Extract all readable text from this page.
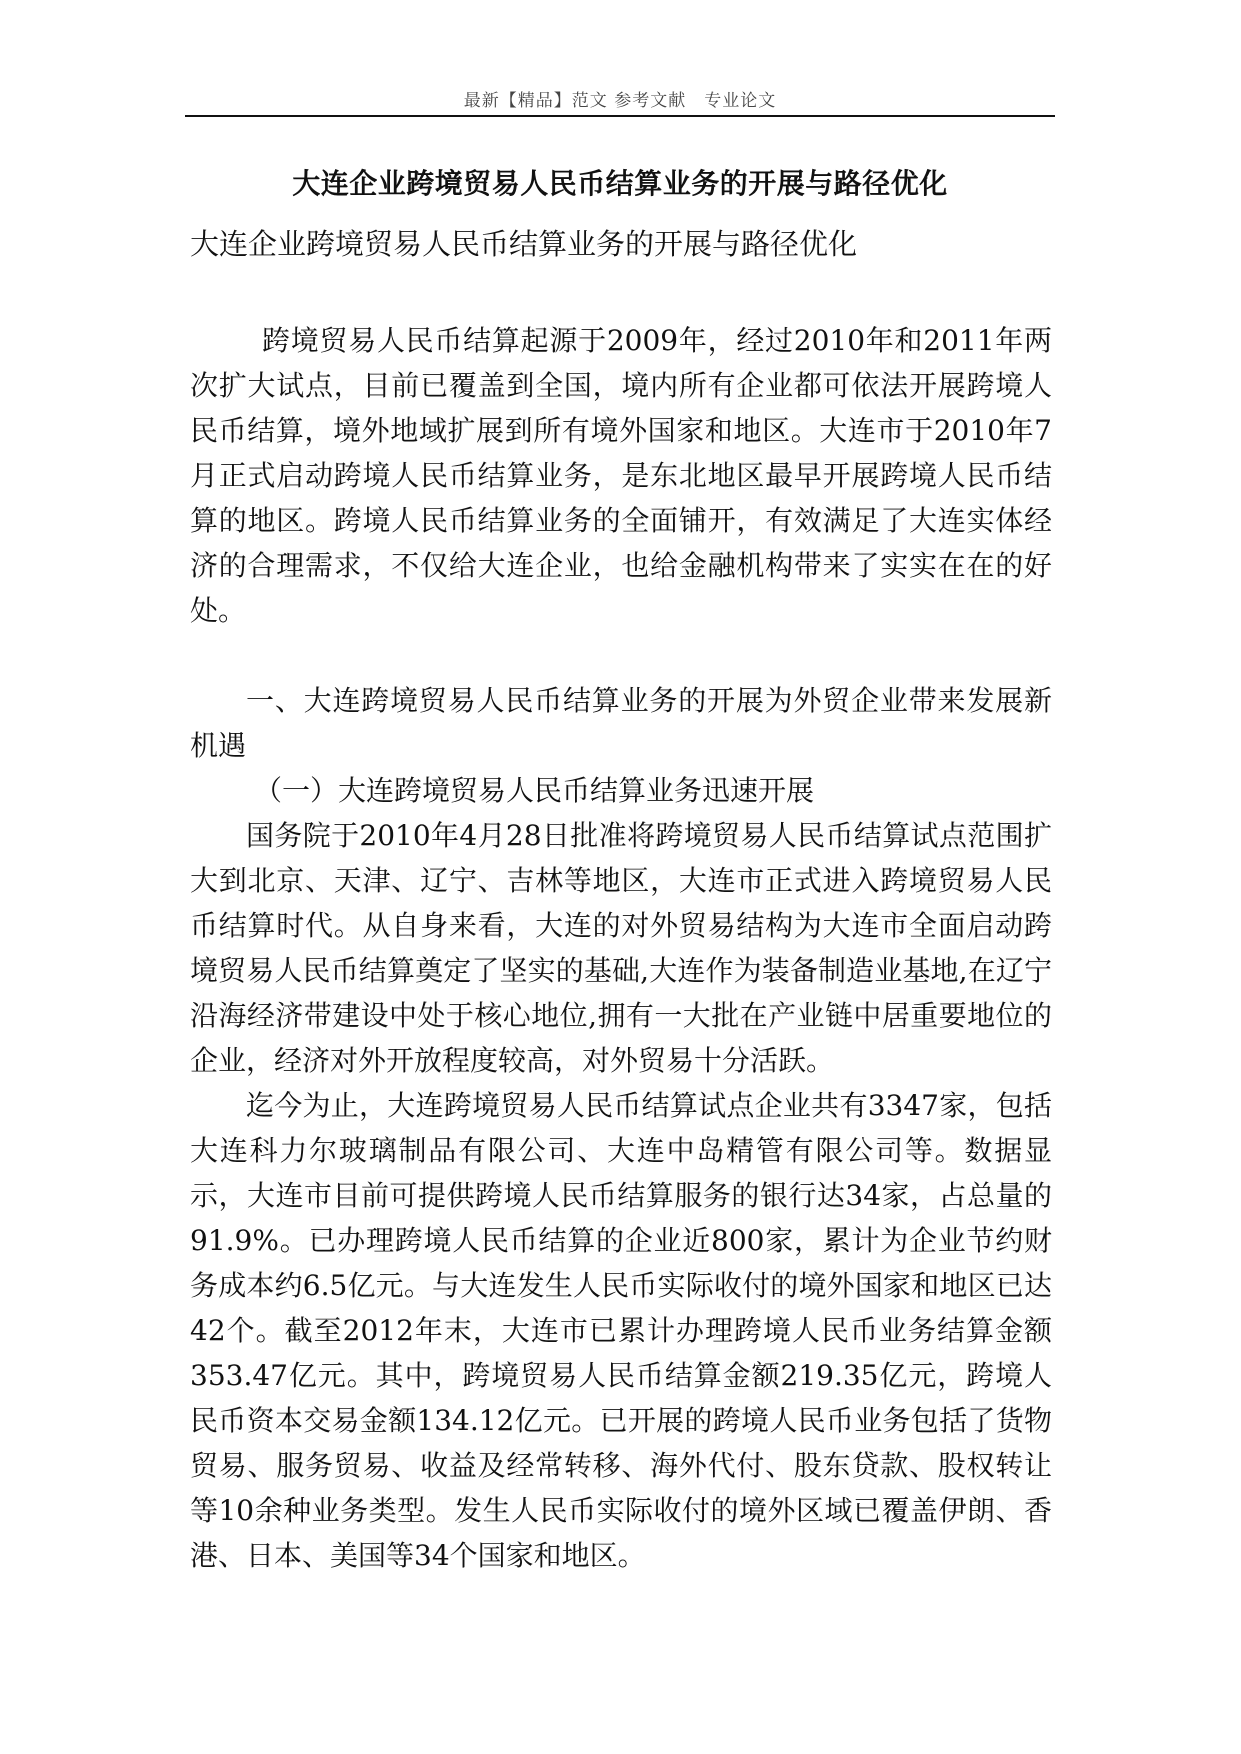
最新【精品】范文 参考文献　专业论文
大连企业跨境贸易人民币结算业务的开展与路径优化
大连企业跨境贸易人民币结算业务的开展与路径优化

跨境贸易人民币结算起源于2009年，经过2010年和2011年两次扩大试点，目前已覆盖到全国，境内所有企业都可依法开展跨境人民币结算，境外地域扩展到所有境外国家和地区。大连市于2010年7月正式启动跨境人民币结算业务，是东北地区最早开展跨境人民币结算的地区。跨境人民币结算业务的全面铺开，有效满足了大连实体经济的合理需求，不仅给大连企业，也给金融机构带来了实实在在的好处。

一、大连跨境贸易人民币结算业务的开展为外贸企业带来发展新机遇

（一）大连跨境贸易人民币结算业务迅速开展

国务院于2010年4月28日批准将跨境贸易人民币结算试点范围扩大到北京、天津、辽宁、吉林等地区，大连市正式进入跨境贸易人民币结算时代。从自身来看，大连的对外贸易结构为大连市全面启动跨境贸易人民币结算奠定了坚实的基础,大连作为装备制造业基地,在辽宁沿海经济带建设中处于核心地位,拥有一大批在产业链中居重要地位的企业，经济对外开放程度较高，对外贸易十分活跃。

迄今为止，大连跨境贸易人民币结算试点企业共有3347家，包括大连科力尔玻璃制品有限公司、大连中岛精管有限公司等。数据显示，大连市目前可提供跨境人民币结算服务的银行达34家，占总量的91.9%。已办理跨境人民币结算的企业近800家，累计为企业节约财务成本约6.5亿元。与大连发生人民币实际收付的境外国家和地区已达42个。截至2012年末，大连市已累计办理跨境人民币业务结算金额353.47亿元。其中，跨境贸易人民币结算金额219.35亿元，跨境人民币资本交易金额134.12亿元。已开展的跨境人民币业务包括了货物贸易、服务贸易、收益及经常转移、海外代付、股东贷款、股权转让等10余种业务类型。发生人民币实际收付的境外区域已覆盖伊朗、香港、日本、美国等34个国家和地区。
